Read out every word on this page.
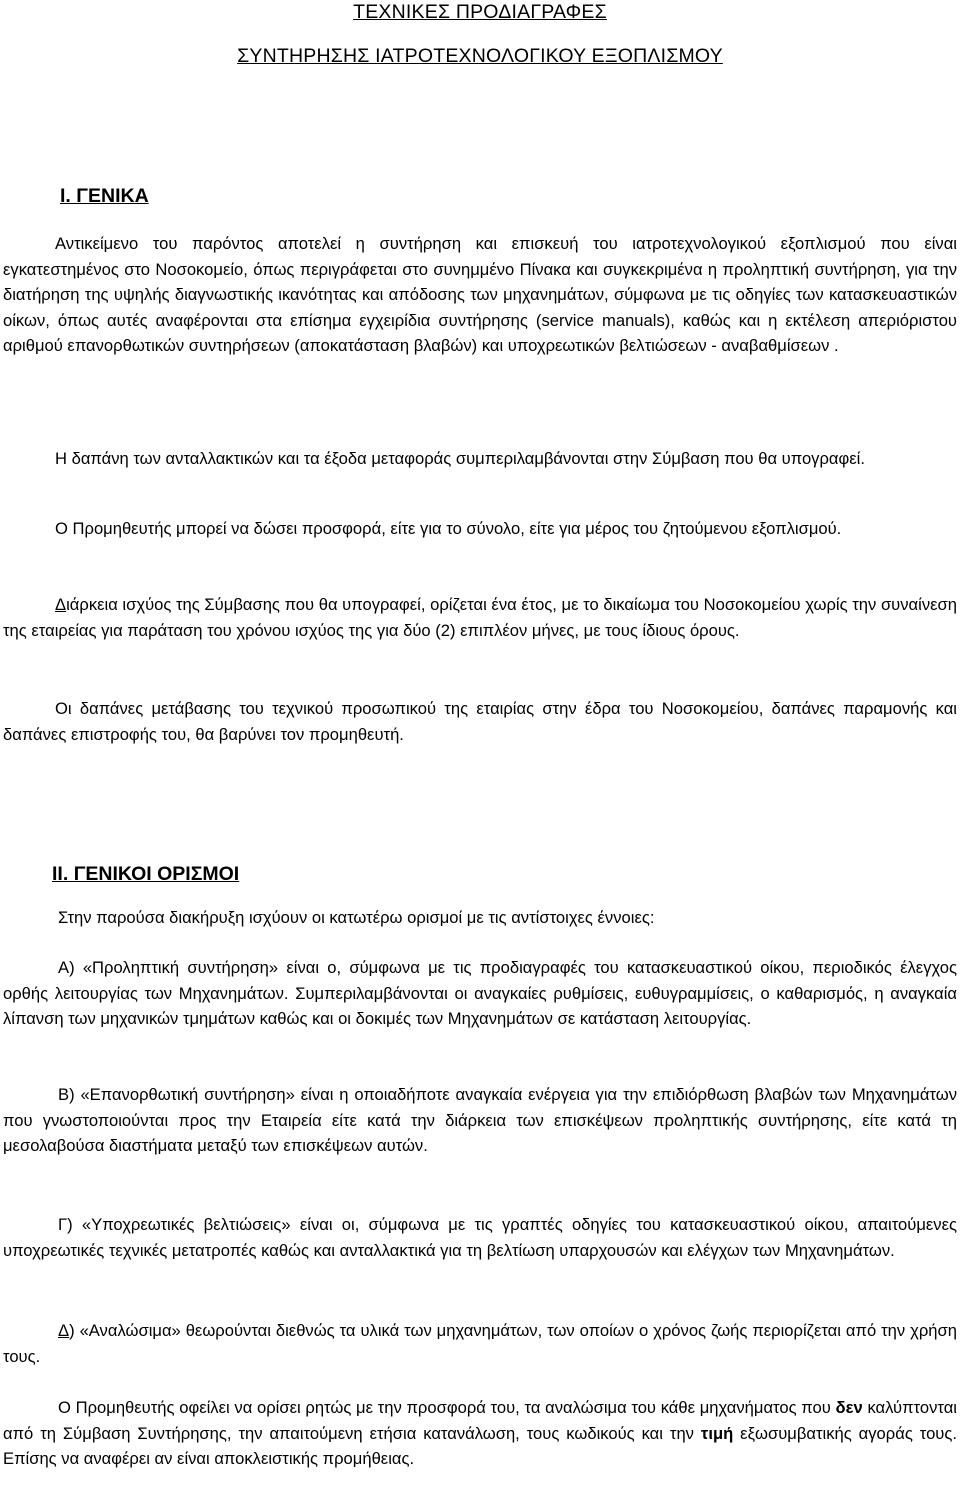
ΤΕΧΝΙΚΕΣ ΠΡΟΔΙΑΓΡΑΦΕΣ
ΣΥΝΤΗΡΗΣΗΣ ΙΑΤΡΟΤΕΧΝΟΛΟΓΙΚΟΥ ΕΞΟΠΛΙΣΜΟΥ
Ι. ΓΕΝΙΚΑ
Αντικείμενο του παρόντος αποτελεί η συντήρηση και επισκευή του ιατροτεχνολογικού εξοπλισμού που είναι εγκατεστημένος στο Νοσοκομείο, όπως περιγράφεται στο συνημμένο Πίνακα και συγκεκριμένα η προληπτική συντήρηση, για την διατήρηση της υψηλής διαγνωστικής ικανότητας και απόδοσης των μηχανημάτων, σύμφωνα με τις οδηγίες των κατασκευαστικών οίκων, όπως αυτές αναφέρονται στα επίσημα εγχειρίδια συντήρησης (service manuals), καθώς και η εκτέλεση απεριόριστου αριθμού επανορθωτικών συντηρήσεων (αποκατάσταση βλαβών) και υποχρεωτικών βελτιώσεων - αναβαθμίσεων .
Η δαπάνη των ανταλλακτικών και τα έξοδα μεταφοράς συμπεριλαμβάνονται στην Σύμβαση που θα υπογραφεί.
Ο Προμηθευτής μπορεί να δώσει προσφορά, είτε για το σύνολο, είτε για μέρος του ζητούμενου εξοπλισμού.
Διάρκεια ισχύος της Σύμβασης που θα υπογραφεί, ορίζεται ένα έτος, με το δικαίωμα του Νοσοκομείου χωρίς την συναίνεση της εταιρείας για παράταση του χρόνου ισχύος της για δύο (2) επιπλέον μήνες, με τους ίδιους όρους.
Οι δαπάνες μετάβασης του τεχνικού προσωπικού της εταιρίας στην έδρα του Νοσοκομείου, δαπάνες παραμονής και δαπάνες επιστροφής του, θα βαρύνει τον προμηθευτή.
ΙΙ. ΓΕΝΙΚΟΙ ΟΡΙΣΜΟΙ
Στην παρούσα διακήρυξη ισχύουν οι κατωτέρω ορισμοί με τις αντίστοιχες έννοιες:
Α) «Προληπτική συντήρηση» είναι ο, σύμφωνα με τις προδιαγραφές του κατασκευαστικού οίκου, περιοδικός έλεγχος ορθής λειτουργίας των Μηχανημάτων. Συμπεριλαμβάνονται οι αναγκαίες ρυθμίσεις, ευθυγραμμίσεις, ο καθαρισμός, η αναγκαία λίπανση των μηχανικών τμημάτων καθώς και οι δοκιμές των Μηχανημάτων σε κατάσταση λειτουργίας.
Β) «Επανορθωτική συντήρηση» είναι η οποιαδήποτε αναγκαία ενέργεια για την επιδιόρθωση βλαβών των Μηχανημάτων που γνωστοποιούνται προς την Εταιρεία είτε κατά την διάρκεια των επισκέψεων προληπτικής συντήρησης, είτε κατά τη μεσολαβούσα διαστήματα μεταξύ των επισκέψεων αυτών.
Γ) «Υποχρεωτικές βελτιώσεις» είναι οι, σύμφωνα με τις γραπτές οδηγίες του κατασκευαστικού οίκου, απαιτούμενες υποχρεωτικές τεχνικές μετατροπές καθώς και ανταλλακτικά για τη βελτίωση υπαρχουσών και ελέγχων των Μηχανημάτων.
Δ) «Αναλώσιμα» θεωρούνται διεθνώς τα υλικά των μηχανημάτων, των οποίων ο χρόνος ζωής περιορίζεται από την χρήση τους.
Ο Προμηθευτής οφείλει να ορίσει ρητώς με την προσφορά του, τα αναλώσιμα του κάθε μηχανήματος που δεν καλύπτονται από τη Σύμβαση Συντήρησης, την απαιτούμενη ετήσια κατανάλωση, τους κωδικούς και την τιμή εξωσυμβατικής αγοράς τους. Επίσης να αναφέρει αν είναι αποκλειστικής προμήθειας.
